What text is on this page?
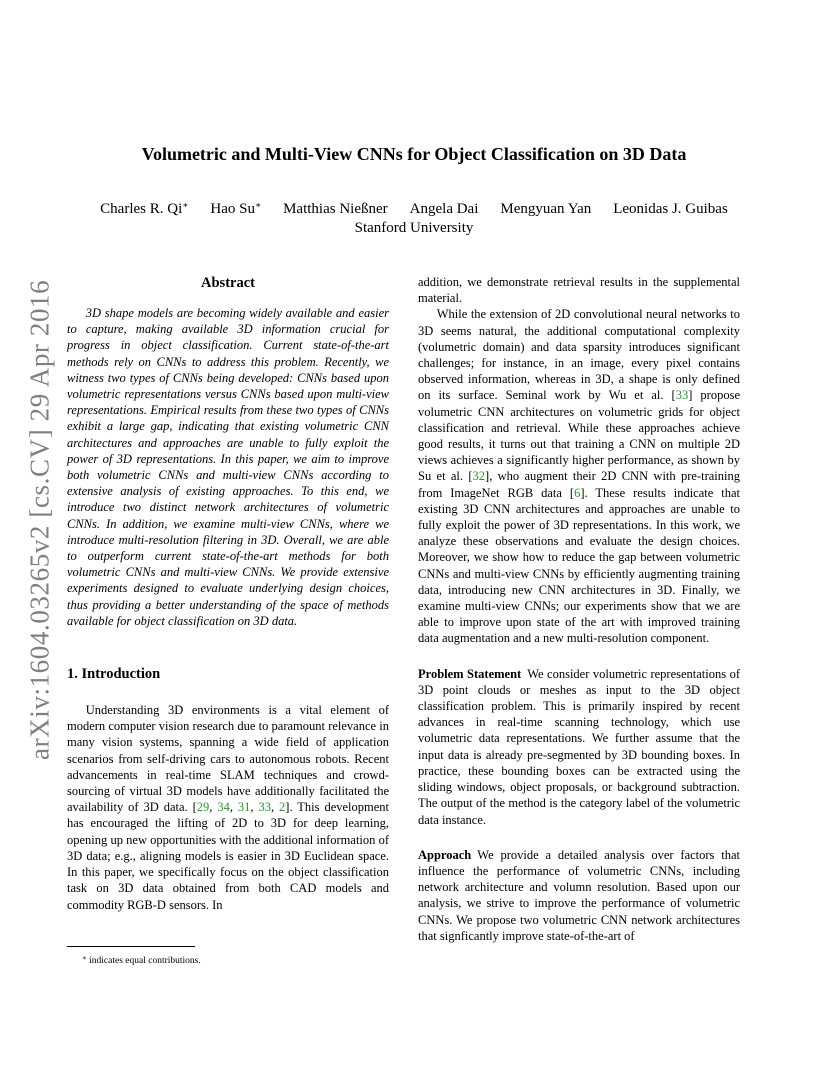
arXiv:1604.03265v2 [cs.CV] 29 Apr 2016
Volumetric and Multi-View CNNs for Object Classification on 3D Data
Charles R. Qi∗ Hao Su∗ Matthias Nießner Angela Dai Mengyuan Yan Leonidas J. Guibas
Stanford University
Abstract

3D shape models are becoming widely available and easier to capture, making available 3D information crucial for progress in object classification. Current state-of-the-art methods rely on CNNs to address this problem. Recently, we witness two types of CNNs being developed: CNNs based upon volumetric representations versus CNNs based upon multi-view representations. Empirical results from these two types of CNNs exhibit a large gap, indicating that existing volumetric CNN architectures and approaches are unable to fully exploit the power of 3D representations. In this paper, we aim to improve both volumetric CNNs and multi-view CNNs according to extensive analysis of existing approaches. To this end, we introduce two distinct network architectures of volumetric CNNs. In addition, we examine multi-view CNNs, where we introduce multi-resolution filtering in 3D. Overall, we are able to outperform current state-of-the-art methods for both volumetric CNNs and multi-view CNNs. We provide extensive experiments designed to evaluate underlying design choices, thus providing a better understanding of the space of methods available for object classification on 3D data.

1. Introduction

Understanding 3D environments is a vital element of modern computer vision research due to paramount relevance in many vision systems, spanning a wide field of application scenarios from self-driving cars to autonomous robots. Recent advancements in real-time SLAM techniques and crowd-sourcing of virtual 3D models have additionally facilitated the availability of 3D data. [29, 34, 31, 33, 2]. This development has encouraged the lifting of 2D to 3D for deep learning, opening up new opportunities with the additional information of 3D data; e.g., aligning models is easier in 3D Euclidean space. In this paper, we specifically focus on the object classification task on 3D data obtained from both CAD models and commodity RGB-D sensors. In

addition, we demonstrate retrieval results in the supplemental material.

While the extension of 2D convolutional neural networks to 3D seems natural, the additional computational complexity (volumetric domain) and data sparsity introduces significant challenges; for instance, in an image, every pixel contains observed information, whereas in 3D, a shape is only defined on its surface. Seminal work by Wu et al. [33] propose volumetric CNN architectures on volumetric grids for object classification and retrieval. While these approaches achieve good results, it turns out that training a CNN on multiple 2D views achieves a significantly higher performance, as shown by Su et al. [32], who augment their 2D CNN with pre-training from ImageNet RGB data [6]. These results indicate that existing 3D CNN architectures and approaches are unable to fully exploit the power of 3D representations. In this work, we analyze these observations and evaluate the design choices. Moreover, we show how to reduce the gap between volumetric CNNs and multi-view CNNs by efficiently augmenting training data, introducing new CNN architectures in 3D. Finally, we examine multi-view CNNs; our experiments show that we are able to improve upon state of the art with improved training data augmentation and a new multi-resolution component.

Problem Statement We consider volumetric representations of 3D point clouds or meshes as input to the 3D object classification problem. This is primarily inspired by recent advances in real-time scanning technology, which use volumetric data representations. We further assume that the input data is already pre-segmented by 3D bounding boxes. In practice, these bounding boxes can be extracted using the sliding windows, object proposals, or background subtraction. The output of the method is the category label of the volumetric data instance.

Approach We provide a detailed analysis over factors that influence the performance of volumetric CNNs, including network architecture and volumn resolution. Based upon our analysis, we strive to improve the performance of volumetric CNNs. We propose two volumetric CNN network architectures that signficantly improve state-of-the-art of

∗ indicates equal contributions.
